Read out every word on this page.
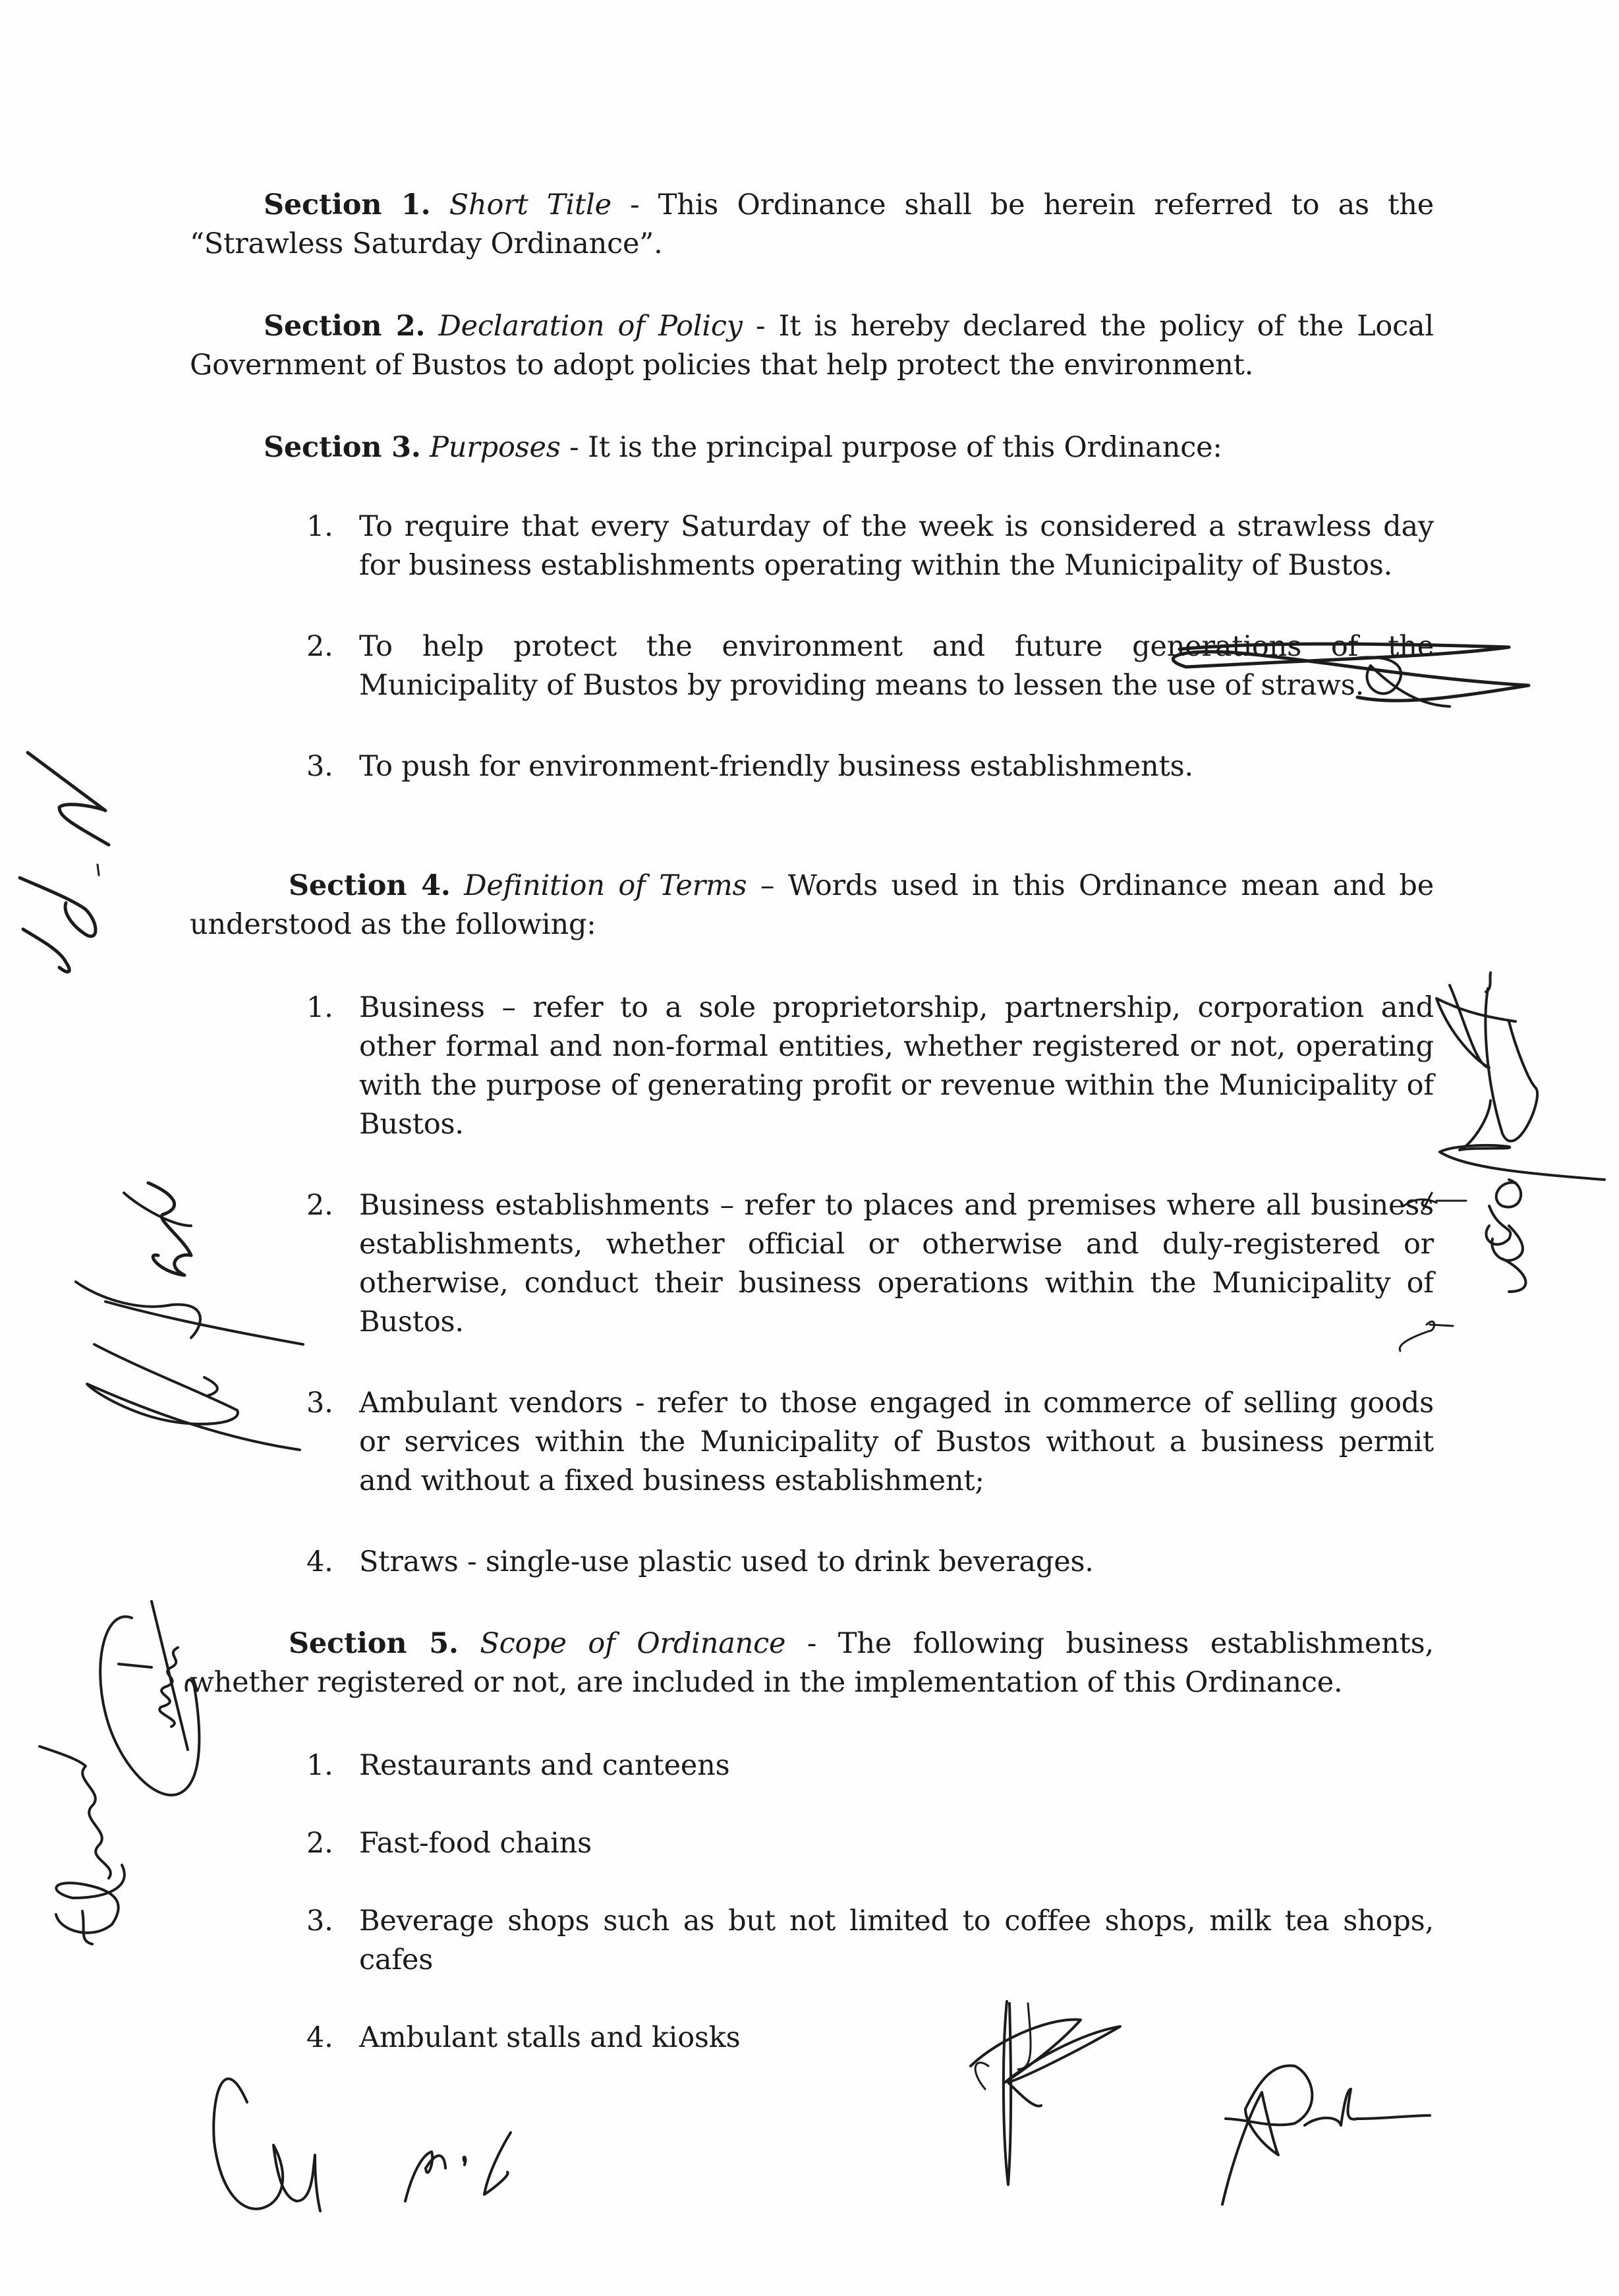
Section 1. Short Title - This Ordinance shall be herein referred to as the “Strawless Saturday Ordinance”.
Section 2. Declaration of Policy - It is hereby declared the policy of the Local Government of Bustos to adopt policies that help protect the environment.
Section 3. Purposes - It is the principal purpose of this Ordinance:
1. To require that every Saturday of the week is considered a strawless day for business establishments operating within the Municipality of Bustos.
2. To help protect the environment and future generations of the Municipality of Bustos by providing means to lessen the use of straws.
3. To push for environment-friendly business establishments.
Section 4. Definition of Terms – Words used in this Ordinance mean and be understood as the following:
1. Business – refer to a sole proprietorship, partnership, corporation and other formal and non-formal entities, whether registered or not, operating with the purpose of generating profit or revenue within the Municipality of Bustos.
2. Business establishments – refer to places and premises where all business establishments, whether official or otherwise and duly-registered or otherwise, conduct their business operations within the Municipality of Bustos.
3. Ambulant vendors - refer to those engaged in commerce of selling goods or services within the Municipality of Bustos without a business permit and without a fixed business establishment;
4. Straws - single-use plastic used to drink beverages.
Section 5. Scope of Ordinance - The following business establishments, whether registered or not, are included in the implementation of this Ordinance.
1. Restaurants and canteens
2. Fast-food chains
3. Beverage shops such as but not limited to coffee shops, milk tea shops, cafes
4. Ambulant stalls and kiosks
